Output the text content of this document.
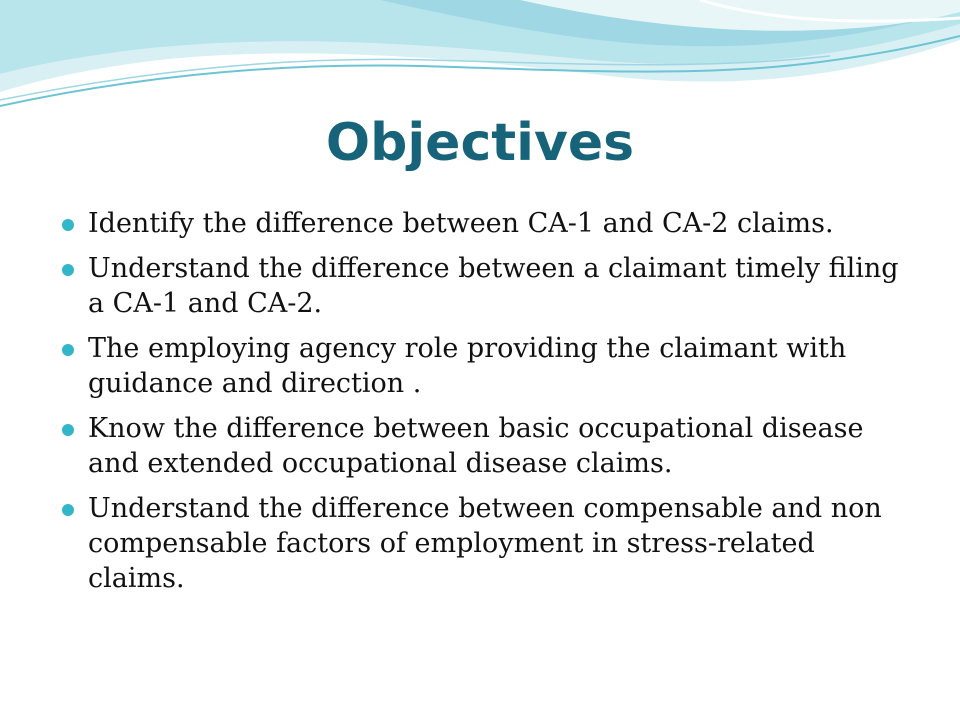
Objectives
Identify the difference between CA-1 and CA-2 claims.
Understand the difference between a claimant timely filing a CA-1 and CA-2.
The employing agency role providing the claimant with guidance and direction .
Know the difference between basic occupational disease and extended occupational disease claims.
Understand the difference between compensable and non compensable factors of employment in stress-related claims.
